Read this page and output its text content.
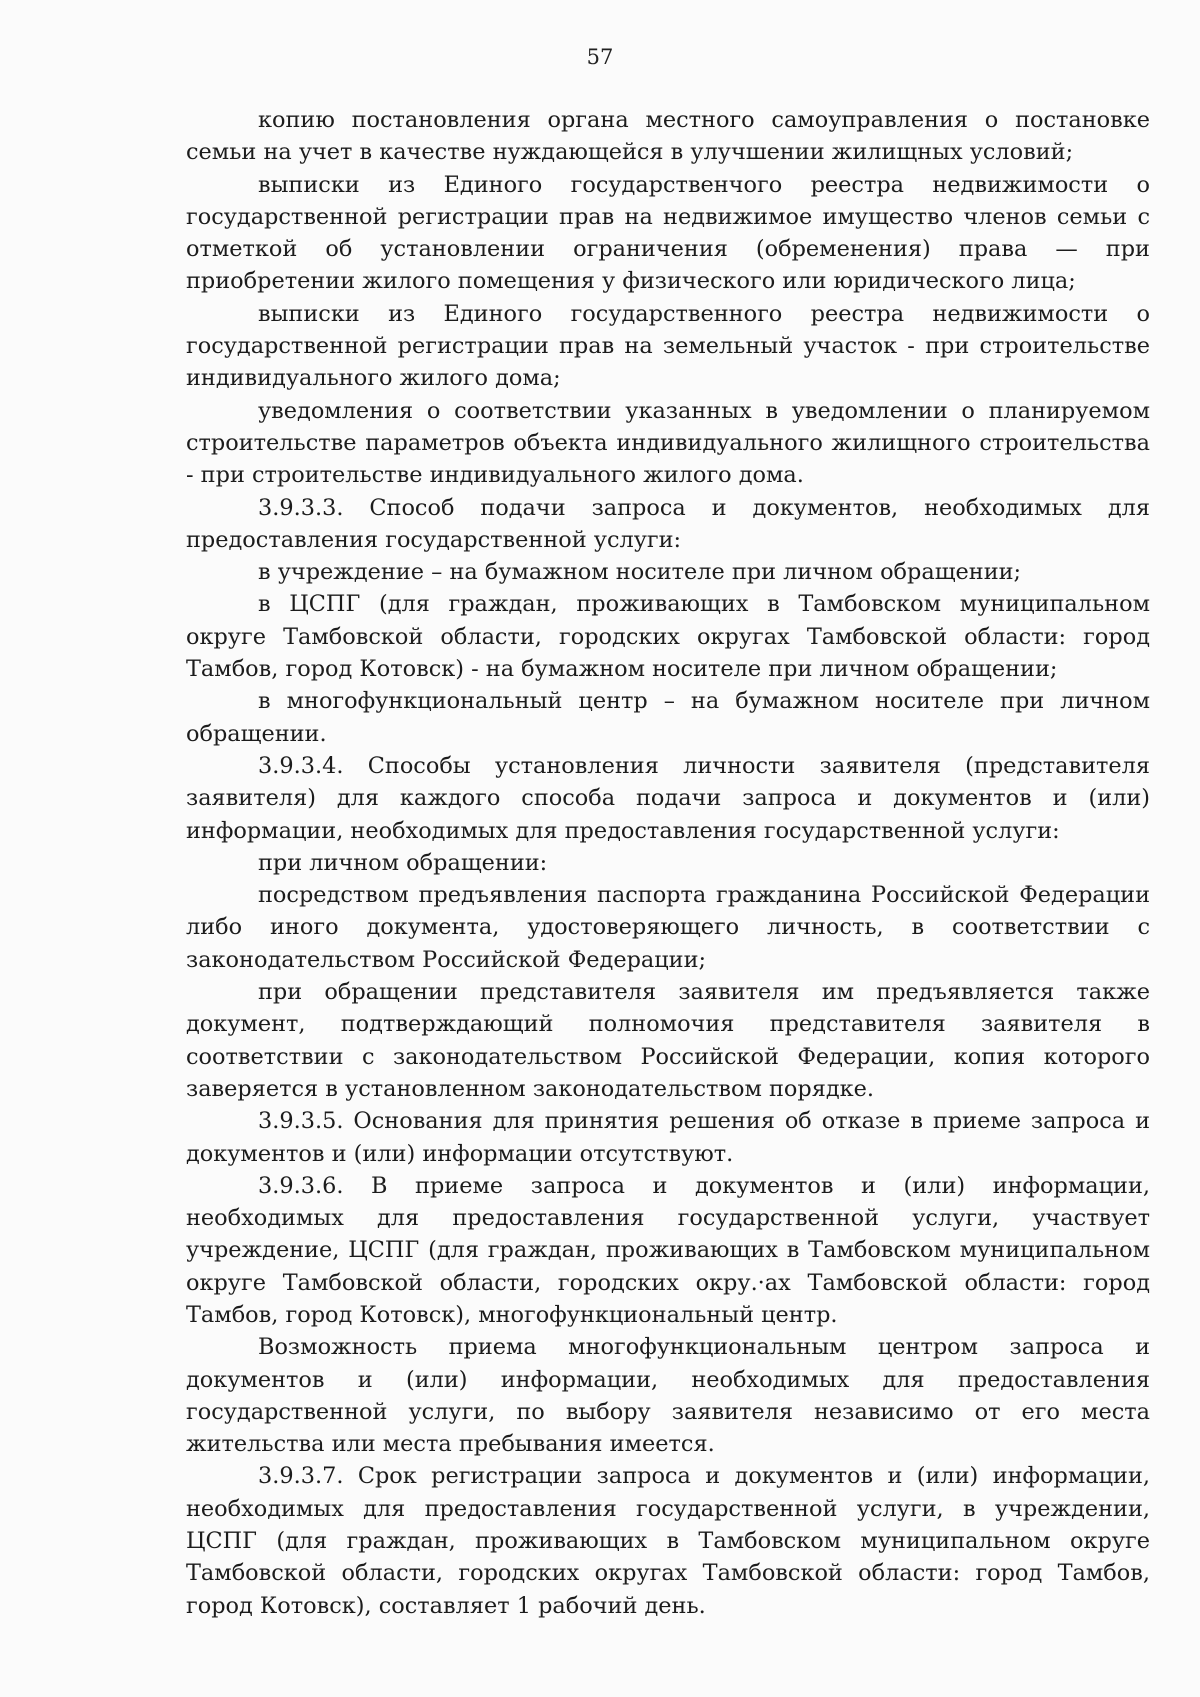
57

копию постановления органа местного самоуправления о постановке семьи на учет в качестве нуждающейся в улучшении жилищных условий;

выписки из Единого государственчого реестра недвижимости о государственной регистрации прав на недвижимое имущество членов семьи с отметкой об установлении ограничения (обременения) права — при приобретении жилого помещения у физического или юридического лица;

выписки из Единого государственного реестра недвижимости о государственной регистрации прав на земельный участок - при строительстве индивидуального жилого дома;

уведомления о соответствии указанных в уведомлении о планируемом строительстве параметров объекта индивидуального жилищного строительства - при строительстве индивидуального жилого дома.

3.9.3.3. Способ подачи запроса и документов, необходимых для предоставления государственной услуги:

в учреждение – на бумажном носителе при личном обращении;

в ЦСПГ (для граждан, проживающих в Тамбовском муниципальном округе Тамбовской области, городских округах Тамбовской области: город Тамбов, город Котовск) - на бумажном носителе при личном обращении;

в многофункциональный центр – на бумажном носителе при личном обращении.

3.9.3.4. Способы установления личности заявителя (представителя заявителя) для каждого способа подачи запроса и документов и (или) информации, необходимых для предоставления государственной услуги:

при личном обращении:

посредством предъявления паспорта гражданина Российской Федерации либо иного документа, удостоверяющего личность, в соответствии с законодательством Российской Федерации;

при обращении представителя заявителя им предъявляется также документ, подтверждающий полномочия представителя заявителя в соответствии с законодательством Российской Федерации, копия которого заверяется в установленном законодательством порядке.

3.9.3.5. Основания для принятия решения об отказе в приеме запроса и документов и (или) информации отсутствуют.

3.9.3.6. В приеме запроса и документов и (или) информации, необходимых для предоставления государственной услуги, участвует учреждение, ЦСПГ (для граждан, проживающих в Тамбовском муниципальном округе Тамбовской области, городских окру.·ах Тамбовской области: город Тамбов, город Котовск), многофункциональный центр.

Возможность приема многофункциональным центром запроса и документов и (или) информации, необходимых для предоставления государственной услуги, по выбору заявителя независимо от его места жительства или места пребывания имеется.

3.9.3.7. Срок регистрации запроса и документов и (или) информации, необходимых для предоставления государственной услуги, в учреждении, ЦСПГ (для граждан, проживающих в Тамбовском муниципальном округе Тамбовской области, городских округах Тамбовской области: город Тамбов, город Котовск), составляет 1 рабочий день.
